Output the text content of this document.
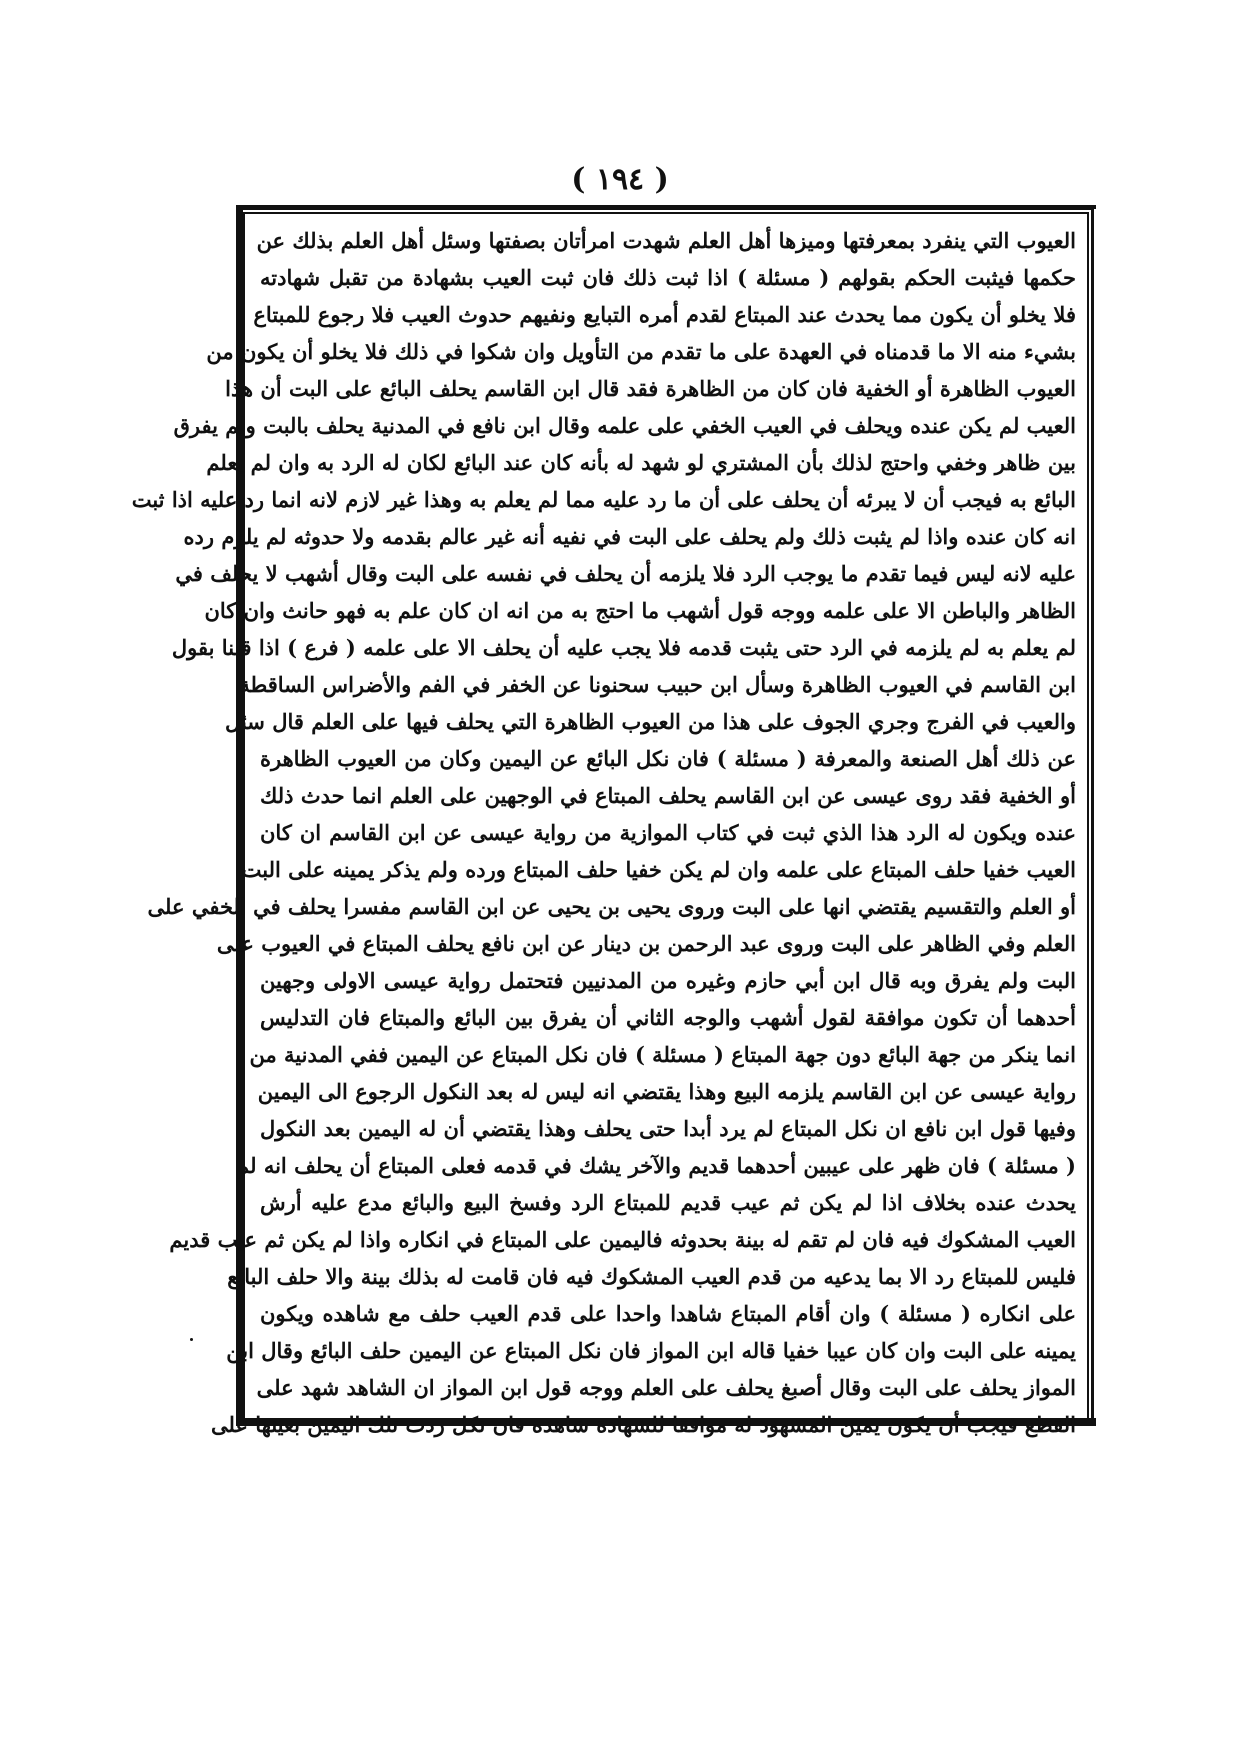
( ١٩٤ )
العيوب التي ينفرد بمعرفتها وميزها أهل العلم شهدت امرأتان بصفتها وسئل أهل العلم بذلك عن
حكمها فيثبت الحكم بقولهم ( مسئلة ) اذا ثبت ذلك فان ثبت العيب بشهادة من تقبل شهادته
فلا يخلو أن يكون مما يحدث عند المبتاع لقدم أمره التبايع ونفيهم حدوث العيب فلا رجوع للمبتاع
بشيء منه الا ما قدمناه في العهدة على ما تقدم من التأويل وان شكوا في ذلك فلا يخلو أن يكون من
العيوب الظاهرة أو الخفية فان كان من الظاهرة فقد قال ابن القاسم يحلف البائع على البت أن هذا
العيب لم يكن عنده ويحلف في العيب الخفي على علمه وقال ابن نافع في المدنية يحلف بالبت ولم يفرق
بين ظاهر وخفي واحتج لذلك بأن المشتري لو شهد له بأنه كان عند البائع لكان له الرد به وان لم يعلم
البائع به فيجب أن لا يبرئه أن يحلف على أن ما رد عليه مما لم يعلم به وهذا غير لازم لانه انما رد عليه اذا ثبت
انه كان عنده واذا لم يثبت ذلك ولم يحلف على البت في نفيه أنه غير عالم بقدمه ولا حدوثه لم يلزم رده
عليه لانه ليس فيما تقدم ما يوجب الرد فلا يلزمه أن يحلف في نفسه على البت وقال أشهب لا يحلف في
الظاهر والباطن الا على علمه ووجه قول أشهب ما احتج به من انه ان كان علم به فهو حانث وان كان
لم يعلم به لم يلزمه في الرد حتى يثبت قدمه فلا يجب عليه أن يحلف الا على علمه ( فرع ) اذا قلنا بقول
ابن القاسم في العيوب الظاهرة وسأل ابن حبيب سحنونا عن الخفر في الفم والأضراس الساقطة
والعيب في الفرج وجري الجوف على هذا من العيوب الظاهرة التي يحلف فيها على العلم قال سئل
عن ذلك أهل الصنعة والمعرفة ( مسئلة ) فان نكل البائع عن اليمين وكان من العيوب الظاهرة
أو الخفية فقد روى عيسى عن ابن القاسم يحلف المبتاع في الوجهين على العلم انما حدث ذلك
عنده ويكون له الرد هذا الذي ثبت في كتاب الموازية من رواية عيسى عن ابن القاسم ان كان
العيب خفيا حلف المبتاع على علمه وان لم يكن خفيا حلف المبتاع ورده ولم يذكر يمينه على البت
أو العلم والتقسيم يقتضي انها على البت وروى يحيى بن يحيى عن ابن القاسم مفسرا يحلف في الخفي على
العلم وفي الظاهر على البت وروى عبد الرحمن بن دينار عن ابن نافع يحلف المبتاع في العيوب على
البت ولم يفرق وبه قال ابن أبي حازم وغيره من المدنيين فتحتمل رواية عيسى الاولى وجهين
أحدهما أن تكون موافقة لقول أشهب والوجه الثاني أن يفرق بين البائع والمبتاع فان التدليس
انما ينكر من جهة البائع دون جهة المبتاع ( مسئلة ) فان نكل المبتاع عن اليمين ففي المدنية من
رواية عيسى عن ابن القاسم يلزمه البيع وهذا يقتضي انه ليس له بعد النكول الرجوع الى اليمين
وفيها قول ابن نافع ان نكل المبتاع لم يرد أبدا حتى يحلف وهذا يقتضي أن له اليمين بعد النكول
( مسئلة ) فان ظهر على عيبين أحدهما قديم والآخر يشك في قدمه فعلى المبتاع أن يحلف انه لم
يحدث عنده بخلاف اذا لم يكن ثم عيب قديم للمبتاع الرد وفسخ البيع والبائع مدع عليه أرش
العيب المشكوك فيه فان لم تقم له بينة بحدوثه فاليمين على المبتاع في انكاره واذا لم يكن ثم عيب قديم
فليس للمبتاع رد الا بما يدعيه من قدم العيب المشكوك فيه فان قامت له بذلك بينة والا حلف البائع
على انكاره ( مسئلة ) وان أقام المبتاع شاهدا واحدا على قدم العيب حلف مع شاهده ويكون
يمينه على البت وان كان عيبا خفيا قاله ابن المواز فان نكل المبتاع عن اليمين حلف البائع وقال ابن
المواز يحلف على البت وقال أصبغ يحلف على العلم ووجه قول ابن المواز ان الشاهد شهد على
القطع فيجب أن يكون يمين المشهود له موافقا للشهادة شاهده فان نكل ردت تلك اليمين بعينها على
